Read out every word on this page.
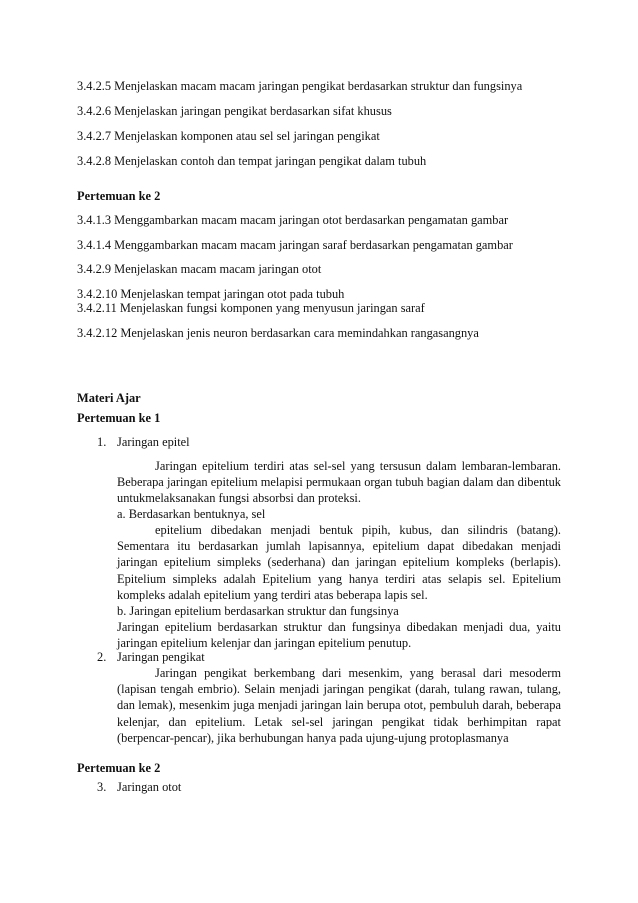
3.4.2.5 Menjelaskan macam macam jaringan pengikat berdasarkan struktur dan fungsinya
3.4.2.6 Menjelaskan jaringan pengikat berdasarkan sifat khusus
3.4.2.7 Menjelaskan komponen atau sel sel jaringan pengikat
3.4.2.8 Menjelaskan contoh dan tempat jaringan pengikat dalam tubuh
Pertemuan ke 2
3.4.1.3 Menggambarkan macam macam jaringan otot berdasarkan pengamatan gambar
3.4.1.4 Menggambarkan macam macam jaringan saraf berdasarkan pengamatan gambar
3.4.2.9 Menjelaskan macam macam jaringan otot
3.4.2.10 Menjelaskan tempat jaringan otot pada tubuh
3.4.2.11 Menjelaskan fungsi komponen yang menyusun jaringan saraf
3.4.2.12 Menjelaskan jenis neuron berdasarkan cara memindahkan rangasangnya
Materi Ajar
Pertemuan ke 1
1. Jaringan epitel

Jaringan epitelium terdiri atas sel-sel yang tersusun dalam lembaran-lembaran. Beberapa jaringan epitelium melapisi permukaan organ tubuh bagian dalam dan dibentuk untukmelaksanakan fungsi absorbsi dan proteksi.

a. Berdasarkan bentuknya, sel

epitelium dibedakan menjadi bentuk pipih, kubus, dan silindris (batang). Sementara itu berdasarkan jumlah lapisannya, epitelium dapat dibedakan menjadi jaringan epitelium simpleks (sederhana) dan jaringan epitelium kompleks (berlapis). Epitelium simpleks adalah Epitelium yang hanya terdiri atas selapis sel. Epitelium kompleks adalah epitelium yang terdiri atas beberapa lapis sel.

b. Jaringan epitelium berdasarkan struktur dan fungsinya

Jaringan epitelium berdasarkan struktur dan fungsinya dibedakan menjadi dua, yaitu jaringan epitelium kelenjar dan jaringan epitelium penutup.

2. Jaringan pengikat

Jaringan pengikat berkembang dari mesenkim, yang berasal dari mesoderm (lapisan tengah embrio). Selain menjadi jaringan pengikat (darah, tulang rawan, tulang, dan lemak), mesenkim juga menjadi jaringan lain berupa otot, pembuluh darah, beberapa kelenjar, dan epitelium. Letak sel-sel jaringan pengikat tidak berhimpitan rapat (berpencar-pencar), jika berhubungan hanya pada ujung-ujung protoplasmanya

Pertemuan ke 2
3. Jaringan otot
